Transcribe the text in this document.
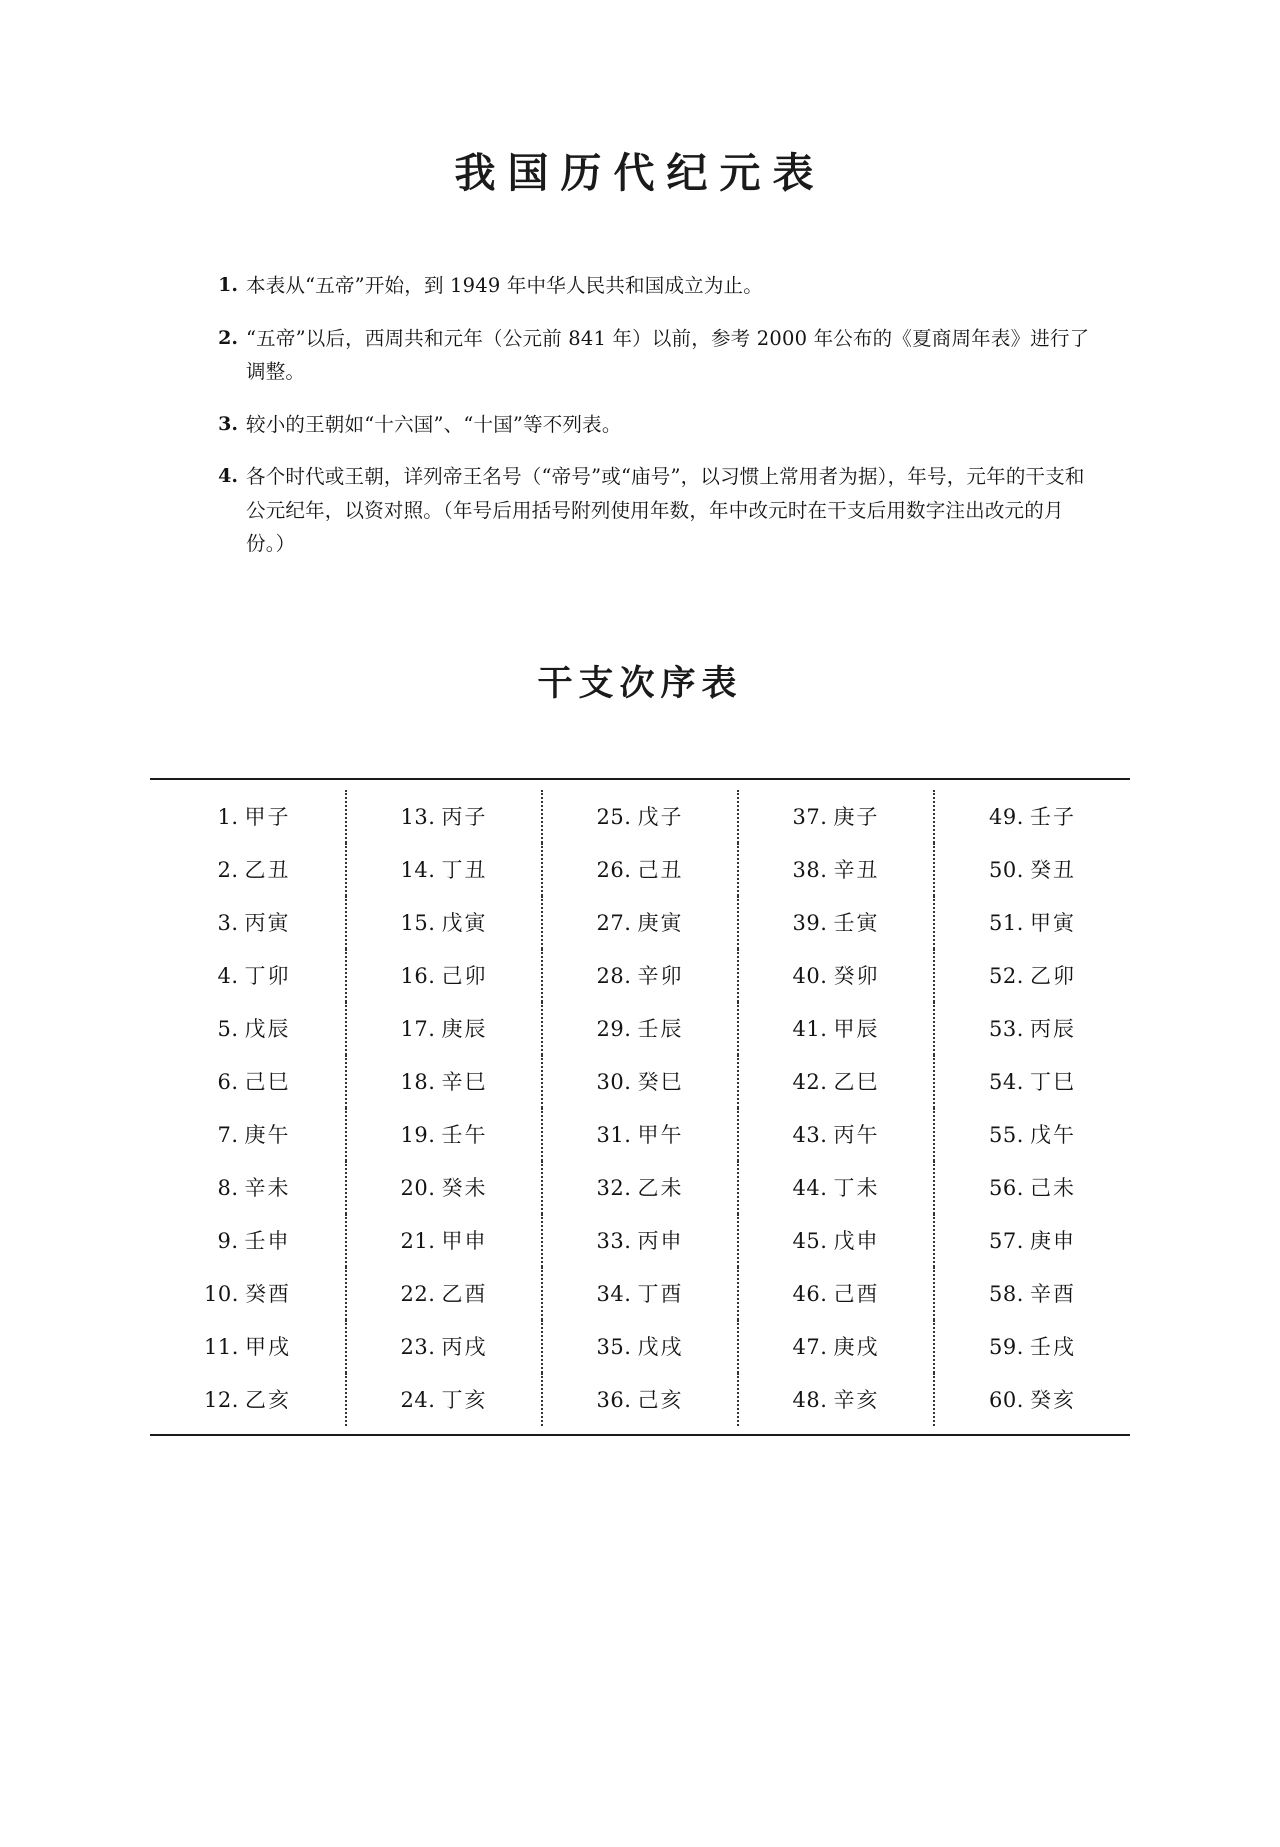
我国历代纪元表
1. 本表从“五帝”开始，到 1949 年中华人民共和国成立为止。
2. “五帝”以后，西周共和元年（公元前 841 年）以前，参考 2000 年公布的《夏商周年表》进行了调整。
3. 较小的王朝如“十六国”、“十国”等不列表。
4. 各个时代或王朝，详列帝王名号（“帝号”或“庙号”，以习惯上常用者为据），年号，元年的干支和公元纪年，以资对照。（年号后用括号附列使用年数，年中改元时在干支后用数字注出改元的月份。）
干支次序表
1. 甲子	13. 丙子	25. 戊子	37. 庚子	49. 壬子
2. 乙丑	14. 丁丑	26. 己丑	38. 辛丑	50. 癸丑
3. 丙寅	15. 戊寅	27. 庚寅	39. 壬寅	51. 甲寅
4. 丁卯	16. 己卯	28. 辛卯	40. 癸卯	52. 乙卯
5. 戊辰	17. 庚辰	29. 壬辰	41. 甲辰	53. 丙辰
6. 己巳	18. 辛巳	30. 癸巳	42. 乙巳	54. 丁巳
7. 庚午	19. 壬午	31. 甲午	43. 丙午	55. 戊午
8. 辛未	20. 癸未	32. 乙未	44. 丁未	56. 己未
9. 壬申	21. 甲申	33. 丙申	45. 戊申	57. 庚申
10. 癸酉	22. 乙酉	34. 丁酉	46. 己酉	58. 辛酉
11. 甲戌	23. 丙戌	35. 戊戌	47. 庚戌	59. 壬戌
12. 乙亥	24. 丁亥	36. 己亥	48. 辛亥	60. 癸亥
